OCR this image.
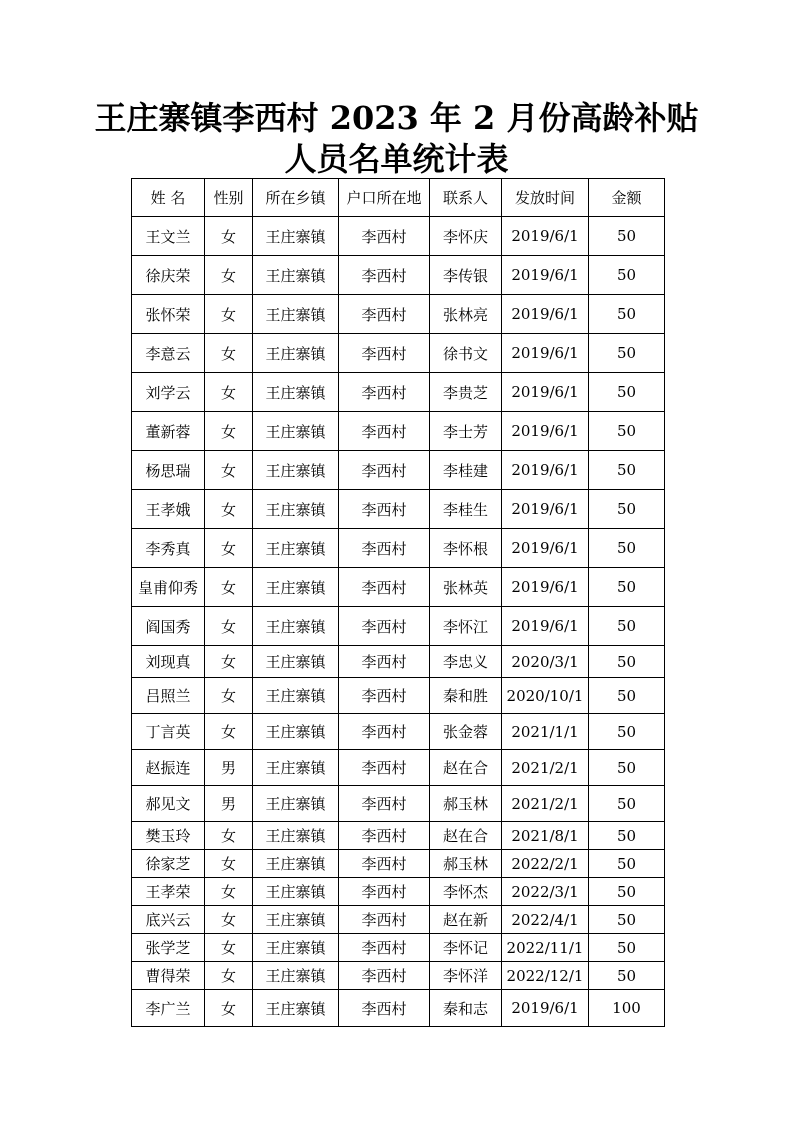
王庄寨镇李西村 2023 年 2 月份高龄补贴
人员名单统计表
姓 名	性别	所在乡镇	户口所在地	联系人	发放时间	金额
王文兰	女	王庄寨镇	李西村	李怀庆	2019/6/1	50
徐庆荣	女	王庄寨镇	李西村	李传银	2019/6/1	50
张怀荣	女	王庄寨镇	李西村	张林亮	2019/6/1	50
李意云	女	王庄寨镇	李西村	徐书文	2019/6/1	50
刘学云	女	王庄寨镇	李西村	李贵芝	2019/6/1	50
董新蓉	女	王庄寨镇	李西村	李士芳	2019/6/1	50
杨思瑞	女	王庄寨镇	李西村	李桂建	2019/6/1	50
王孝娥	女	王庄寨镇	李西村	李桂生	2019/6/1	50
李秀真	女	王庄寨镇	李西村	李怀根	2019/6/1	50
皇甫仰秀	女	王庄寨镇	李西村	张林英	2019/6/1	50
阎国秀	女	王庄寨镇	李西村	李怀江	2019/6/1	50
刘现真	女	王庄寨镇	李西村	李忠义	2020/3/1	50
吕照兰	女	王庄寨镇	李西村	秦和胜	2020/10/1	50
丁言英	女	王庄寨镇	李西村	张金蓉	2021/1/1	50
赵振连	男	王庄寨镇	李西村	赵在合	2021/2/1	50
郝见文	男	王庄寨镇	李西村	郝玉林	2021/2/1	50
樊玉玲	女	王庄寨镇	李西村	赵在合	2021/8/1	50
徐家芝	女	王庄寨镇	李西村	郝玉林	2022/2/1	50
王孝荣	女	王庄寨镇	李西村	李怀杰	2022/3/1	50
底兴云	女	王庄寨镇	李西村	赵在新	2022/4/1	50
张学芝	女	王庄寨镇	李西村	李怀记	2022/11/1	50
曹得荣	女	王庄寨镇	李西村	李怀洋	2022/12/1	50
李广兰	女	王庄寨镇	李西村	秦和志	2019/6/1	100
